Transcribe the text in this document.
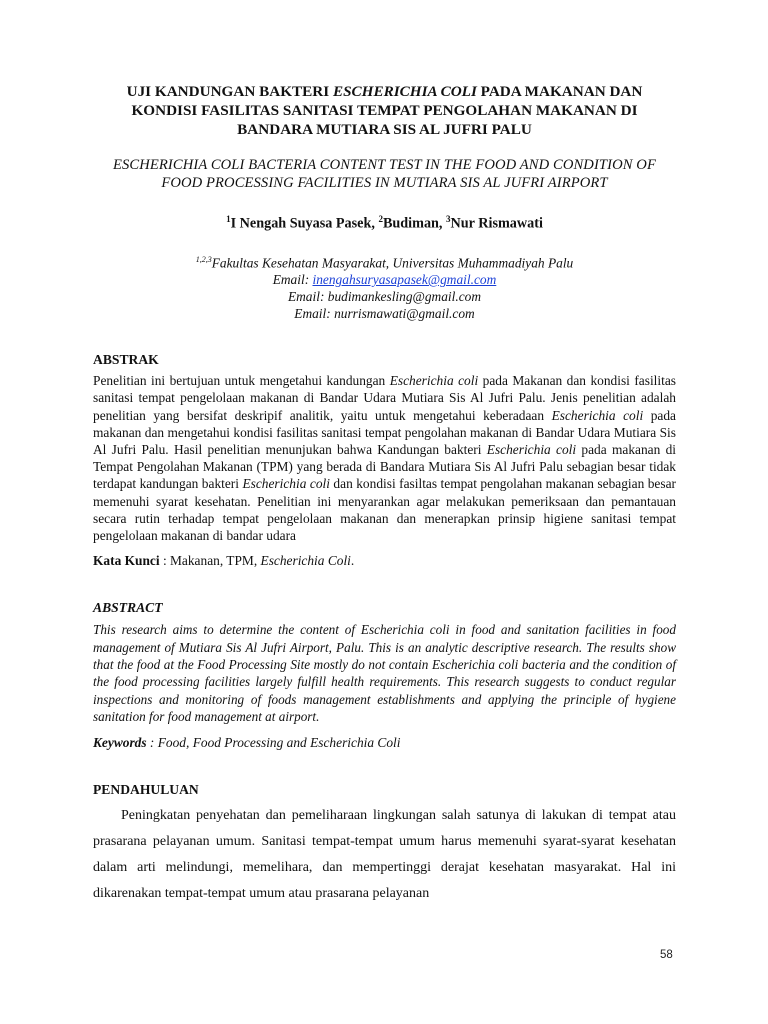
UJI KANDUNGAN BAKTERI ESCHERICHIA COLI PADA MAKANAN DAN KONDISI FASILITAS SANITASI TEMPAT PENGOLAHAN MAKANAN DI BANDARA MUTIARA SIS AL JUFRI PALU

ESCHERICHIA COLI BACTERIA CONTENT TEST IN THE FOOD AND CONDITION OF FOOD PROCESSING FACILITIES IN MUTIARA SIS AL JUFRI AIRPORT

$^1$I Nengah Suyasa Pasek, $^2$Budiman, $^3$Nur Rismawati

$^{1,2,3}$Fakultas Kesehatan Masyarakat, Universitas Muhammadiyah Palu
Email: inengahsuryasapasek@gmail.com
Email: budimankesling@gmail.com
Email: nurrismawati@gmail.com

ABSTRAK

Penelitian ini bertujuan untuk mengetahui kandungan Escherichia coli pada Makanan dan kondisi fasilitas sanitasi tempat pengelolaan makanan di Bandar Udara Mutiara Sis Al Jufri Palu. Jenis penelitian adalah penelitian yang bersifat deskripif analitik, yaitu untuk mengetahui keberadaan Escherichia coli pada makanan dan mengetahui kondisi fasilitas sanitasi tempat pengolahan makanan di Bandar Udara Mutiara Sis Al Jufri Palu. Hasil penelitian menunjukan bahwa Kandungan bakteri Escherichia coli pada makanan di Tempat Pengolahan Makanan (TPM) yang berada di Bandara Mutiara Sis Al Jufri Palu sebagian besar tidak terdapat kandungan bakteri Escherichia coli dan kondisi fasiltas tempat pengolahan makanan sebagian besar memenuhi syarat kesehatan. Penelitian ini menyarankan agar melakukan pemeriksaan dan pemantauan secara rutin terhadap tempat pengelolaan makanan dan menerapkan prinsip higiene sanitasi tempat pengelolaan makanan di bandar udara

Kata Kunci : Makanan, TPM, Escherichia Coli.

ABSTRACT

This research aims to determine the content of Escherichia coli in food and sanitation facilities in food management of Mutiara Sis Al Jufri Airport, Palu. This is an analytic descriptive research. The results show that the food at the Food Processing Site mostly do not contain Escherichia coli bacteria and the condition of the food processing facilities largely fulfill health requirements. This research suggests to conduct regular inspections and monitoring of foods management establishments and applying the principle of hygiene sanitation for food management at airport.

Keywords : Food, Food Processing and Escherichia Coli

PENDAHULUAN

Peningkatan penyehatan dan pemeliharaan lingkungan salah satunya di lakukan di tempat atau prasarana pelayanan umum. Sanitasi tempat-tempat umum harus memenuhi syarat-syarat kesehatan dalam arti melindungi, memelihara, dan mempertinggi derajat kesehatan masyarakat. Hal ini dikarenakan tempat-tempat umum atau prasarana pelayanan

58
